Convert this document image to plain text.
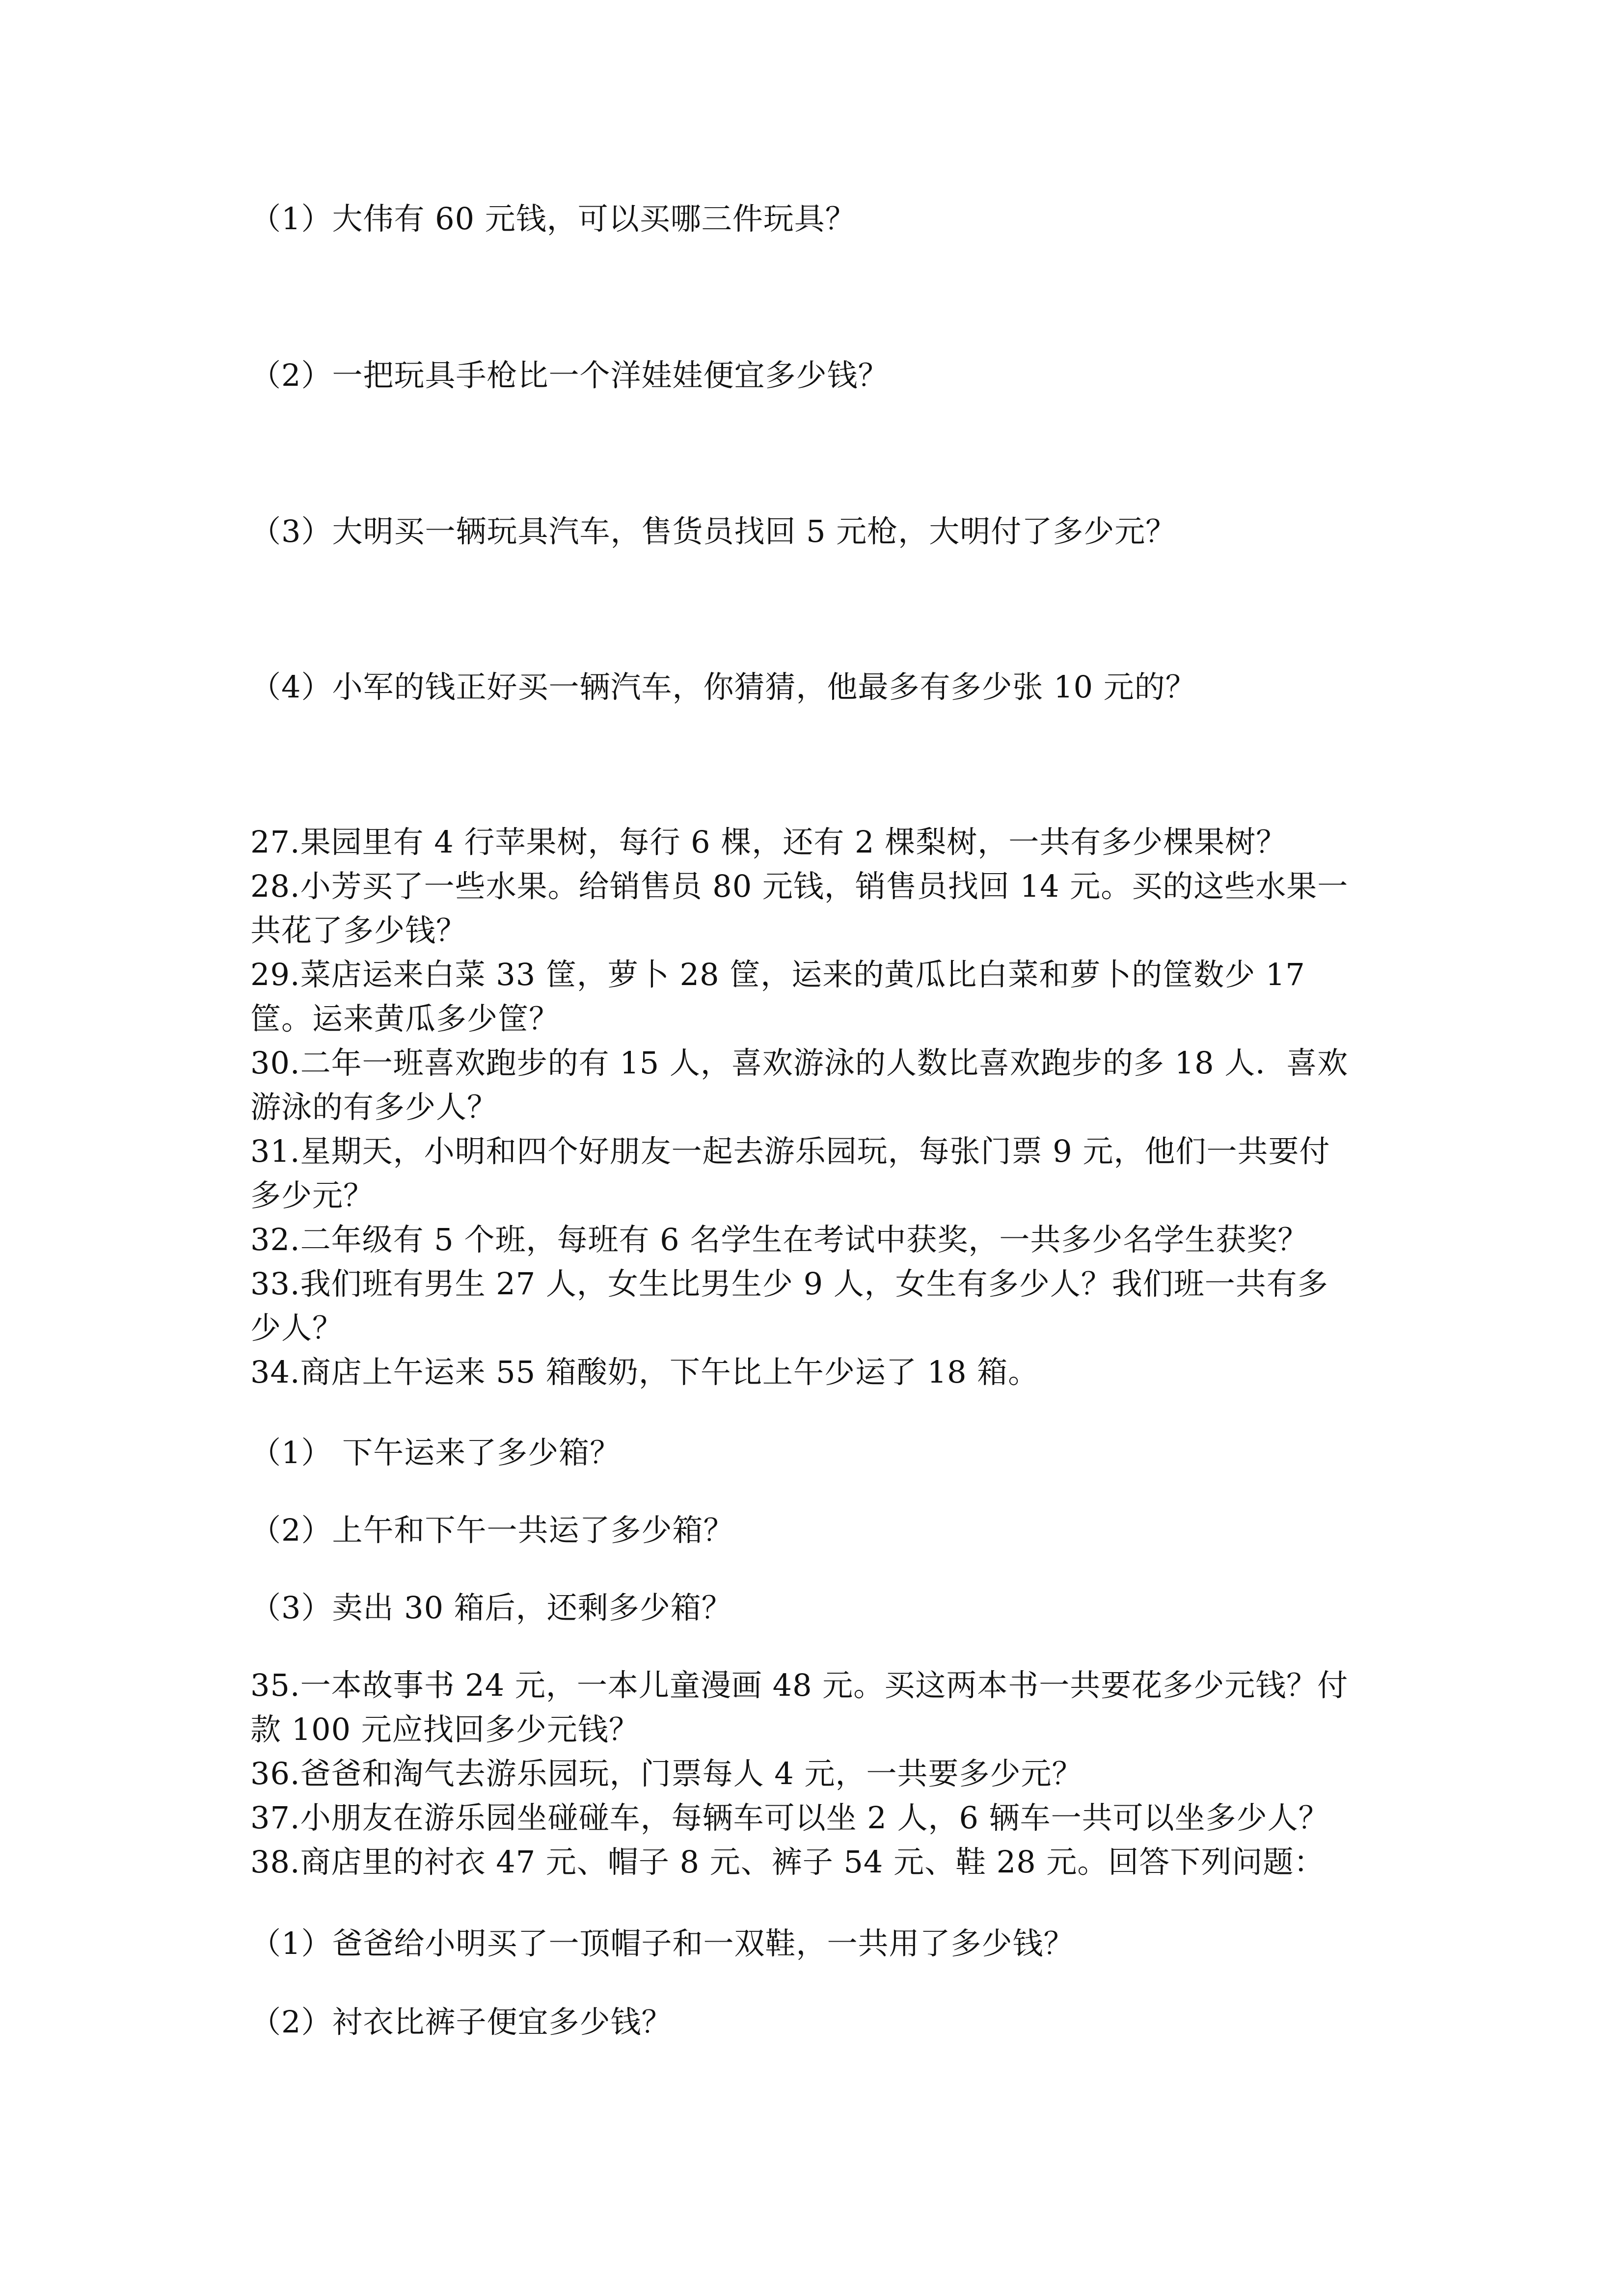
（1）大伟有 60 元钱，可以买哪三件玩具？
（2）一把玩具手枪比一个洋娃娃便宜多少钱？
（3）大明买一辆玩具汽车，售货员找回 5 元枪，大明付了多少元？
（4）小军的钱正好买一辆汽车，你猜猜，他最多有多少张 10 元的？
27.果园里有 4 行苹果树，每行 6 棵，还有 2 棵梨树，一共有多少棵果树？
28.小芳买了一些水果。给销售员 80 元钱，销售员找回 14 元。买的这些水果一
共花了多少钱？
29.菜店运来白菜 33 筐，萝卜 28 筐，运来的黄瓜比白菜和萝卜的筐数少 17
筐。运来黄瓜多少筐？
30.二年一班喜欢跑步的有 15 人，喜欢游泳的人数比喜欢跑步的多 18 人．喜欢
游泳的有多少人？
31.星期天，小明和四个好朋友一起去游乐园玩，每张门票 9 元，他们一共要付
多少元？
32.二年级有 5 个班，每班有 6 名学生在考试中获奖，一共多少名学生获奖？
33.我们班有男生 27 人，女生比男生少 9 人，女生有多少人？我们班一共有多
少人？
34.商店上午运来 55 箱酸奶，下午比上午少运了 18 箱。
（1） 下午运来了多少箱？
（2）上午和下午一共运了多少箱？
（3）卖出 30 箱后，还剩多少箱？
35.一本故事书 24 元，一本儿童漫画 48 元。买这两本书一共要花多少元钱？付
款 100 元应找回多少元钱？
36.爸爸和淘气去游乐园玩，门票每人 4 元，一共要多少元？
37.小朋友在游乐园坐碰碰车，每辆车可以坐 2 人，6 辆车一共可以坐多少人？
38.商店里的衬衣 47 元、帽子 8 元、裤子 54 元、鞋 28 元。回答下列问题：
（1）爸爸给小明买了一顶帽子和一双鞋，一共用了多少钱？
（2）衬衣比裤子便宜多少钱？
